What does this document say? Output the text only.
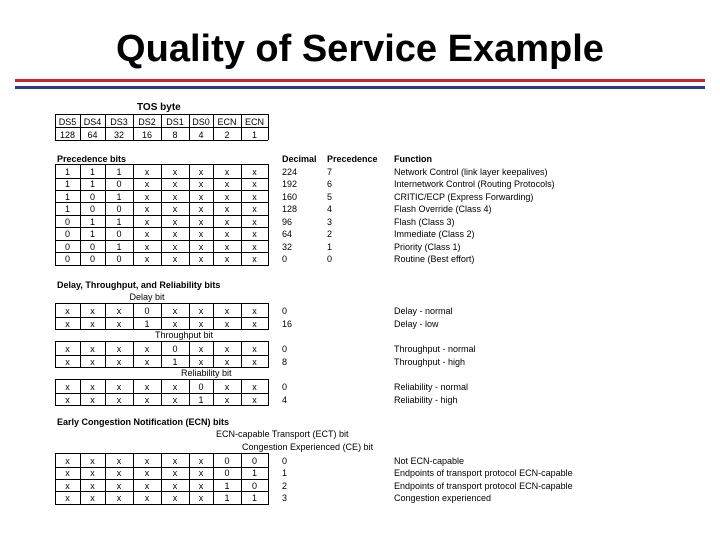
Quality of Service Example
TOS byte
DS5 DS4 DS3	DS2	DS1 DS0 ECN ECN
128	64	32	16	8	4	2	1
Precedence bits	Decimal Precedence Function
1	1	1	x	x	x	x	x	224	7	Network Control (link layer keepalives)
1	1	0	x	x	x	x	x	192	6	Internetwork Control (Routing Protocols)
1	0	1	x	x	x	x	x	160	5	CRITIC/ECP (Express Forwarding)
1	0	0	x	x	x	x	x	128	4	Flash Override (Class 4)
0	1	1	x	x	x	x	x	96	3	Flash (Class 3)
0	1	0	x	x	x	x	x	64	2	Immediate (Class 2)
0	0	1	x	x	x	x	x	32	1	Priority (Class 1)
0	0	0	x	x	x	x	x	0	0	Routine (Best effort)
Delay, Throughput, and Reliability bits
Delay bit
x	x	x	0	x	x	x	x	0	Delay - normal
x	x	x	1	x	x	x	x	16	Delay - low
Throughput bit
x	x	x	x	0	x	x	x	0	Throughput - normal
x	x	x	x	1	x	x	x	8	Throughput - high
Reliability bit
x	x	x	x	x	0	x	x	0	Reliability - normal
x	x	x	x	x	1	x	x	4	Reliability - high
Early Congestion Notification (ECN) bits
ECN-capable Transport (ECT) bit
Congestion Experienced (CE) bit
x	x	x	x	x	x	0	0	0	Not ECN-capable
x	x	x	x	x	x	0	1	1	Endpoints of transport protocol ECN-capable
x	x	x	x	x	x	1	0	2	Endpoints of transport protocol ECN-capable
x	x	x	x	x	x	1	1	3	Congestion experienced
